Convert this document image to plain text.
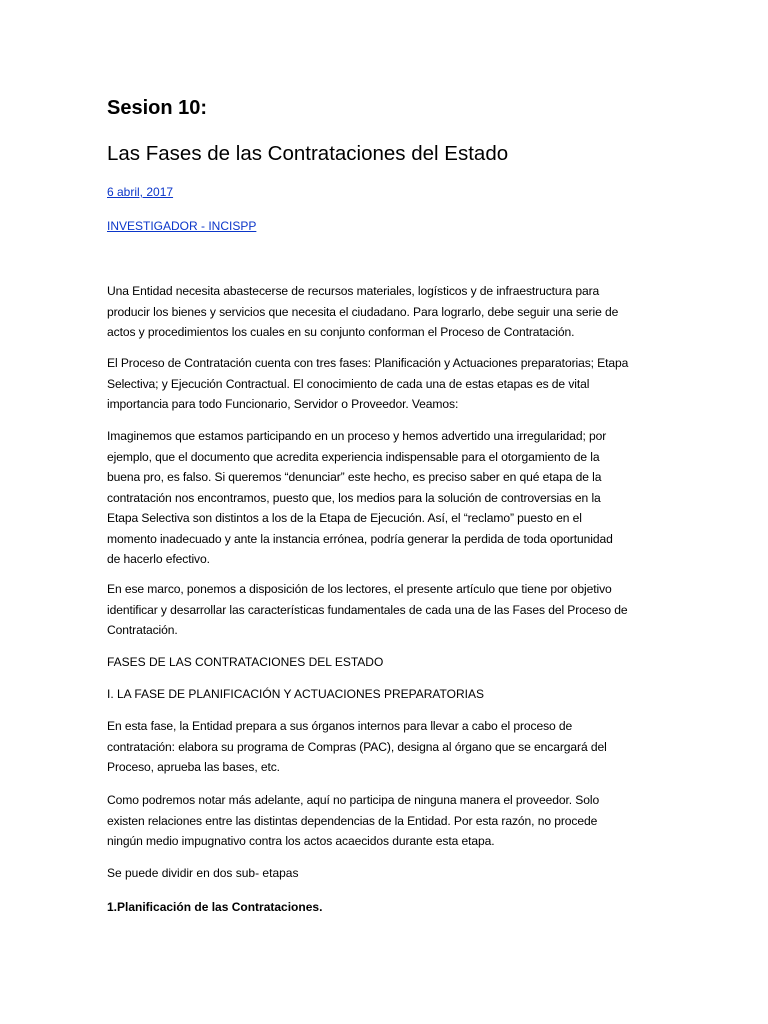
Sesion 10:
Las Fases de las Contrataciones del Estado
6 abril, 2017
INVESTIGADOR - INCISPP
Una Entidad necesita abastecerse de recursos materiales, logísticos y de infraestructura para
producir los bienes y servicios que necesita el ciudadano. Para lograrlo, debe seguir una serie de
actos y procedimientos los cuales en su conjunto conforman el Proceso de Contratación.
El Proceso de Contratación cuenta con tres fases: Planificación y Actuaciones preparatorias; Etapa
Selectiva; y Ejecución Contractual. El conocimiento de cada una de estas etapas es de vital
importancia para todo Funcionario, Servidor o Proveedor. Veamos:
Imaginemos que estamos participando en un proceso y hemos advertido una irregularidad; por
ejemplo, que el documento que acredita experiencia indispensable para el otorgamiento de la
buena pro, es falso. Si queremos “denunciar” este hecho, es preciso saber en qué etapa de la
contratación nos encontramos, puesto que, los medios para la solución de controversias en la
Etapa Selectiva son distintos a los de la Etapa de Ejecución. Así, el “reclamo” puesto en el
momento inadecuado y ante la instancia errónea, podría generar la perdida de toda oportunidad
de hacerlo efectivo.
En ese marco, ponemos a disposición de los lectores, el presente artículo que tiene por objetivo
identificar y desarrollar las características fundamentales de cada una de las Fases del Proceso de
Contratación.
FASES DE LAS CONTRATACIONES DEL ESTADO
I. LA FASE DE PLANIFICACIÓN Y ACTUACIONES PREPARATORIAS
En esta fase, la Entidad prepara a sus órganos internos para llevar a cabo el proceso de
contratación: elabora su programa de Compras (PAC), designa al órgano que se encargará del
Proceso, aprueba las bases, etc.
Como podremos notar más adelante, aquí no participa de ninguna manera el proveedor. Solo
existen relaciones entre las distintas dependencias de la Entidad. Por esta razón, no procede
ningún medio impugnativo contra los actos acaecidos durante esta etapa.
Se puede dividir en dos sub- etapas
1.Planificación de las Contrataciones.
